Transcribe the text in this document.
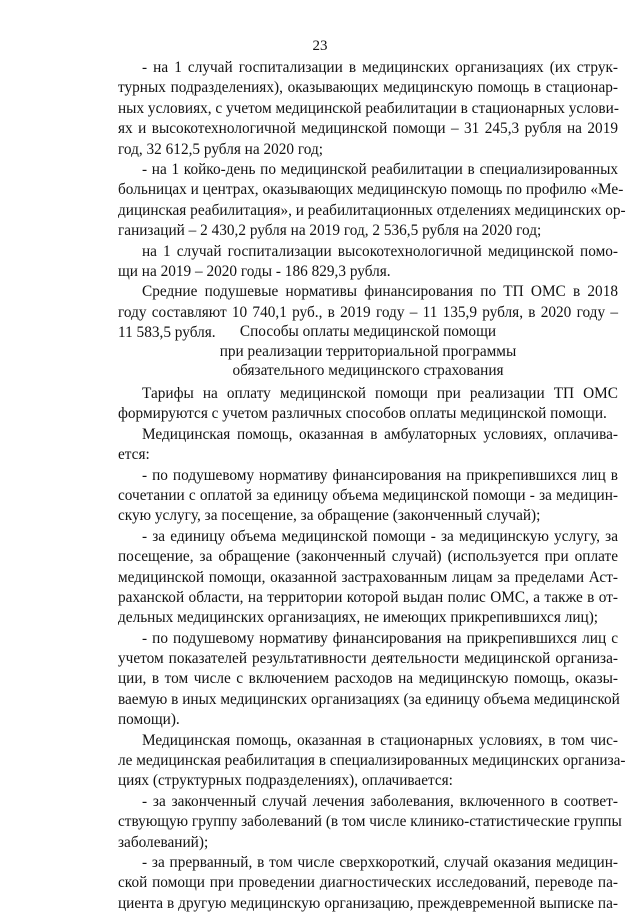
23
- на 1 случай госпитализации в медицинских организациях (их струк-
турных подразделениях), оказывающих медицинскую помощь в стационар-
ных условиях, с учетом медицинской реабилитации в стационарных услови-
ях и высокотехнологичной медицинской помощи – 31 245,3 рубля на 2019
год, 32 612,5 рубля на 2020 год;
- на 1 койко-день по медицинской реабилитации в специализированных
больницах и центрах, оказывающих медицинскую помощь по профилю «Ме-
дицинская реабилитация», и реабилитационных отделениях медицинских ор-
ганизаций – 2 430,2 рубля на 2019 год, 2 536,5 рубля на 2020 год;
на 1 случай госпитализации высокотехнологичной медицинской помо-
щи на 2019 – 2020 годы - 186 829,3 рубля.
Средние подушевые нормативы финансирования по ТП ОМС в 2018
году составляют 10 740,1 руб., в 2019 году – 11 135,9 рубля, в 2020 году –
11 583,5 рубля.	Способы оплаты медицинской помощи
при реализации территориальной программы
обязательного медицинского страхования
Тарифы на оплату медицинской помощи при реализации ТП ОМС
формируются с учетом различных способов оплаты медицинской помощи.
Медицинская помощь, оказанная в амбулаторных условиях, оплачива-
ется:
- по подушевому нормативу финансирования на прикрепившихся лиц в
сочетании с оплатой за единицу объема медицинской помощи - за медицин-
скую услугу, за посещение, за обращение (законченный случай);
- за единицу объема медицинской помощи - за медицинскую услугу, за
посещение, за обращение (законченный случай) (используется при оплате
медицинской помощи, оказанной застрахованным лицам за пределами Аст-
раханской области, на территории которой выдан полис ОМС, а также в от-
дельных медицинских организациях, не имеющих прикрепившихся лиц);
- по подушевому нормативу финансирования на прикрепившихся лиц с
учетом показателей результативности деятельности медицинской организа-
ции, в том числе с включением расходов на медицинскую помощь, оказы-
ваемую в иных медицинских организациях (за единицу объема медицинской
помощи).
Медицинская помощь, оказанная в стационарных условиях, в том чис-
ле медицинская реабилитация в специализированных медицинских организа-
циях (структурных подразделениях), оплачивается:
- за законченный случай лечения заболевания, включенного в соответ-
ствующую группу заболеваний (в том числе клинико-статистические группы
заболеваний);
- за прерванный, в том числе сверхкороткий, случай оказания медицин-
ской помощи при проведении диагностических исследований, переводе па-
циента в другую медицинскую организацию, преждевременной выписке па-
